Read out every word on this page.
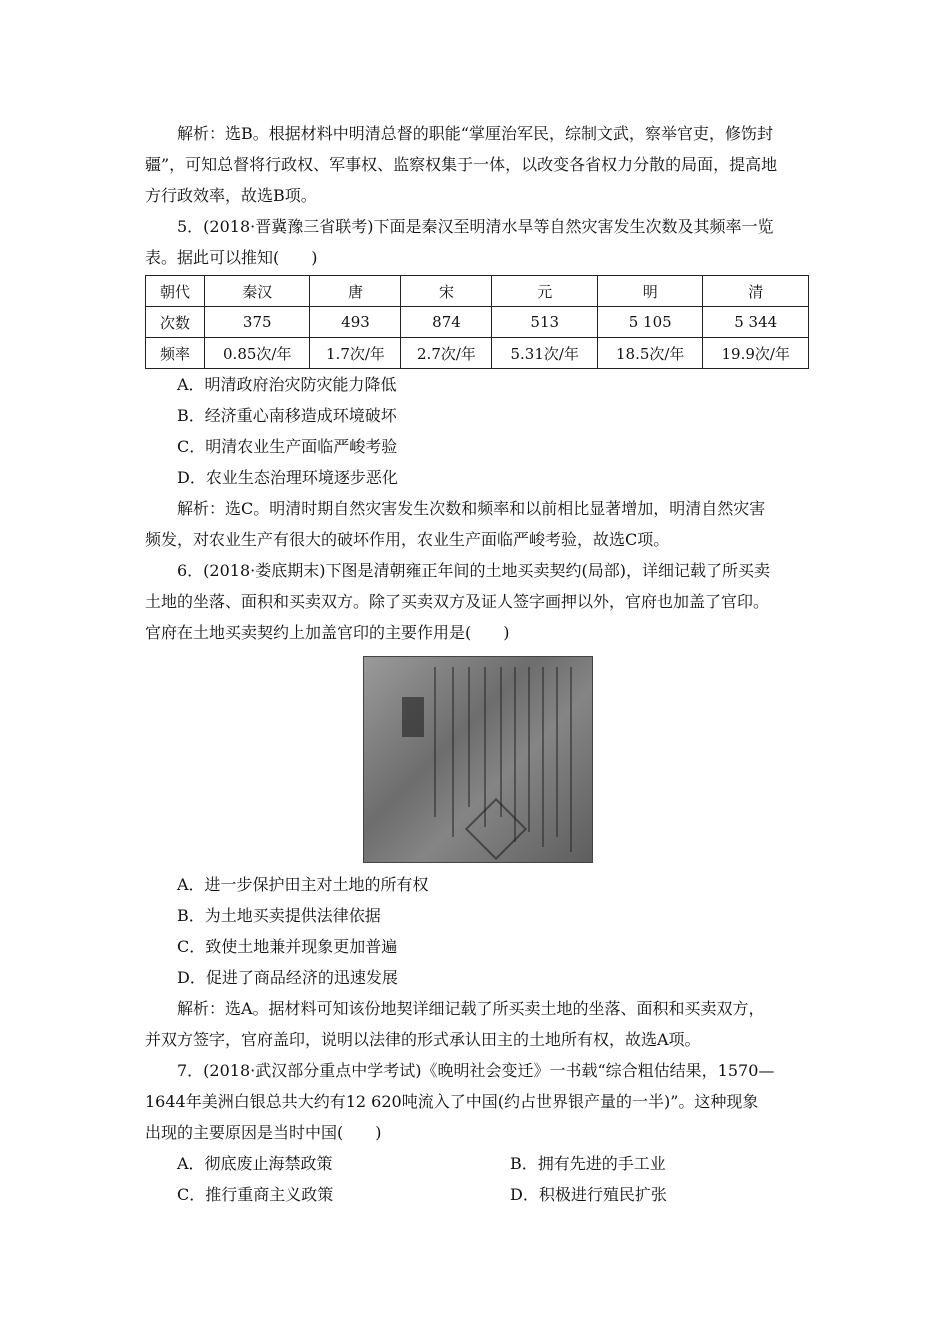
解析：选B。根据材料中明清总督的职能“掌厘治军民，综制文武，察举官吏，修饬封

疆”，可知总督将行政权、军事权、监察权集于一体，以改变各省权力分散的局面，提高地

方行政效率，故选B项。

5．(2018·晋冀豫三省联考)下面是秦汉至明清水旱等自然灾害发生次数及其频率一览

表。据此可以推知(　　)

朝代	秦汉	唐	宋	元	明	清
次数	375	493	874	513	5 105	5 344
频率	0.85次/年	1.7次/年	2.7次/年	5.31次/年	18.5次/年	19.9次/年
A．明清政府治灾防灾能力降低
B．经济重心南移造成环境破坏
C．明清农业生产面临严峻考验
D．农业生态治理环境逐步恶化

解析：选C。明清时期自然灾害发生次数和频率和以前相比显著增加，明清自然灾害

频发，对农业生产有很大的破坏作用，农业生产面临严峻考验，故选C项。

6．(2018·娄底期末)下图是清朝雍正年间的土地买卖契约(局部)，详细记载了所买卖

土地的坐落、面积和买卖双方。除了买卖双方及证人签字画押以外，官府也加盖了官印。

官府在土地买卖契约上加盖官印的主要作用是(　　)

A．进一步保护田主对土地的所有权
B．为土地买卖提供法律依据
C．致使土地兼并现象更加普遍
D．促进了商品经济的迅速发展

解析：选A。据材料可知该份地契详细记载了所买卖土地的坐落、面积和买卖双方，

并双方签字，官府盖印，说明以法律的形式承认田主的土地所有权，故选A项。

7．(2018·武汉部分重点中学考试)《晚明社会变迁》一书载“综合粗估结果，1570—

1644年美洲白银总共大约有12 620吨流入了中国(约占世界银产量的一半)”。这种现象

出现的主要原因是当时中国(　　)

A．彻底废止海禁政策	B．拥有先进的手工业
C．推行重商主义政策	D．积极进行殖民扩张
